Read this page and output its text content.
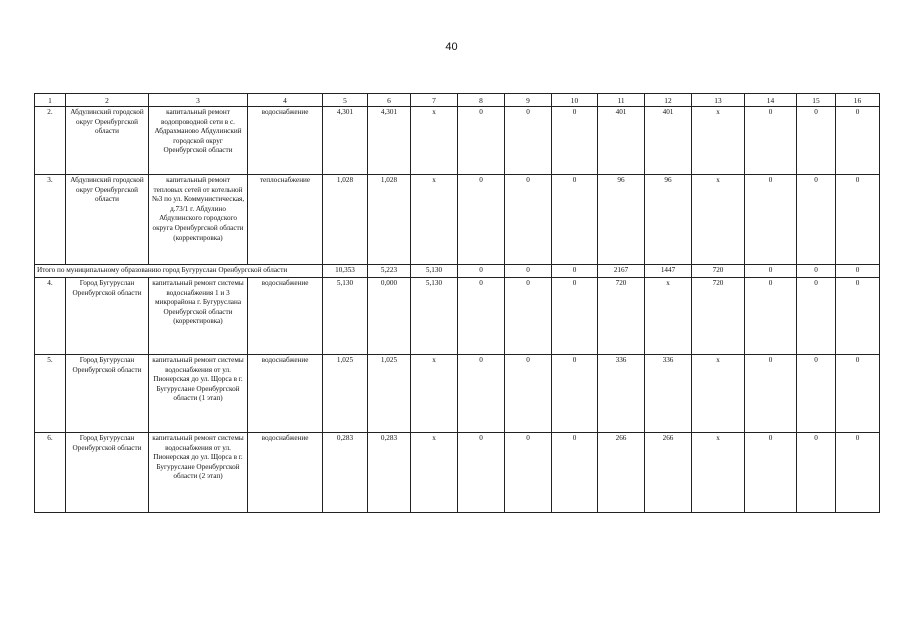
40
1	2	3	4	5	6	7	8	9	10	11	12	13	14	15	16
2.	Абдулинский городской округ Оренбургской области	капитальный ремонт водопроводной сети в с. Абдрахманово Абдулинский городской округ Оренбургской области	водоснабжение	4,301	4,301	x	0	0	0	401	401	x	0	0	0
3.	Абдулинский городской округ Оренбургской области	капитальный ремонт тепловых сетей от котельной №3 по ул. Коммунистическая, д.73/1 г. Абдулино Абдулинского городского округа Оренбургской области (корректировка)	теплоснабжение	1,028	1,028	x	0	0	0	96	96	x	0	0	0
Итого по муниципальному образованию город Бугуруслан Оренбургской области				10,353	5,223	5,130	0	0	0	2167	1447	720	0	0	0
4.	Город Бугуруслан Оренбургской области	капитальный ремонт системы водоснабжения 1 и 3 микрорайона г. Бугуруслана Оренбургской области (корректировка)	водоснабжение	5,130	0,000	5,130	0	0	0	720	x	720	0	0	0
5.	Город Бугуруслан Оренбургской области	капитальный ремонт системы водоснабжения от ул. Пионерская до ул. Щорса в г. Бугуруслане Оренбургской области (1 этап)	водоснабжение	1,025	1,025	x	0	0	0	336	336	x	0	0	0
6.	Город Бугуруслан Оренбургской области	капитальный ремонт системы водоснабжения от ул. Пионерская до ул. Щорса в г. Бугуруслане Оренбургской области (2 этап)	водоснабжение	0,283	0,283	x	0	0	0	266	266	x	0	0	0
